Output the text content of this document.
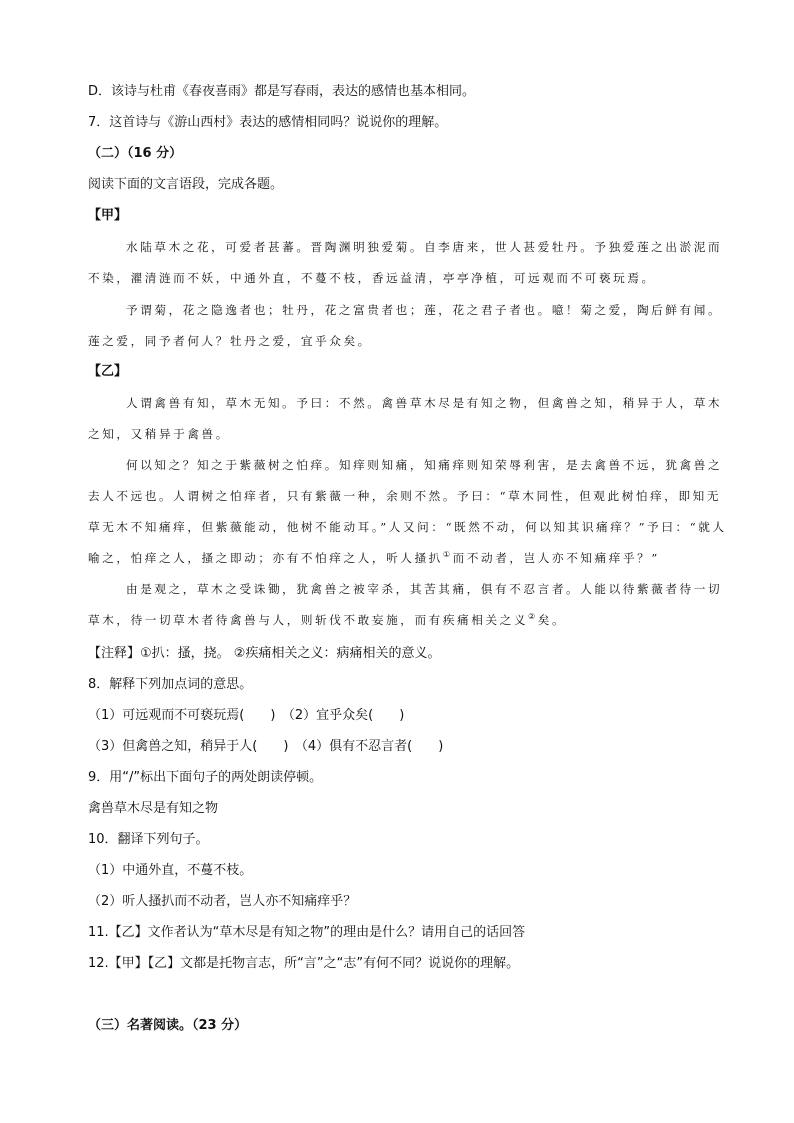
D．该诗与杜甫《春夜喜雨》都是写春雨，表达的感情也基本相同。
7．这首诗与《游山西村》表达的感情相同吗？说说你的理解。
（二）（16 分）
阅读下面的文言语段，完成各题。
【甲】
水陆草木之花，可爱者甚蕃。晋陶渊明独爱菊。自李唐来，世人甚爱牡丹。予独爱莲之出淤泥而
不染，濯清涟而不妖，中通外直，不蔓不枝，香远益清，亭亭净植，可远观而不可亵玩焉。
予谓菊，花之隐逸者也；牡丹，花之富贵者也；莲，花之君子者也。噫！菊之爱，陶后鲜有闻。
莲之爱，同予者何人？牡丹之爱，宜乎众矣。
【乙】
人谓禽兽有知，草木无知。予曰：不然。禽兽草木尽是有知之物，但禽兽之知，稍异于人，草木
之知，又稍异于禽兽。
何以知之？知之于紫薇树之怕痒。知痒则知痛，知痛痒则知荣辱利害，是去禽兽不远，犹禽兽之
去人不远也。人谓树之怕痒者，只有紫薇一种，余则不然。予曰：“草木同性，但观此树怕痒，即知无
草无木不知痛痒，但紫薇能动，他树不能动耳。”人又问：“既然不动，何以知其识痛痒？”予曰：“就人
喻之，怕痒之人，搔之即动；亦有不怕痒之人，听人搔扒①而不动者，岂人亦不知痛痒乎？”
由是观之，草木之受诛锄，犹禽兽之被宰杀，其苦其痛，俱有不忍言者。人能以待紫薇者待一切
草木，待一切草木者待禽兽与人，则斩伐不敢妄施，而有疾痛相关之义②矣。
【注释】①扒：搔，挠。 ②疾痛相关之义：病痛相关的意义。
8．解释下列加点词的意思。
（1）可远观而不可亵玩焉(　　)　（2）宜乎众矣(　　)
（3）但禽兽之知，稍异于人(　　)　（4）俱有不忍言者(　　)
9．用“/”标出下面句子的两处朗读停顿。
禽兽草木尽是有知之物
10．翻译下列句子。
（1）中通外直，不蔓不枝。
（2）听人搔扒而不动者，岂人亦不知痛痒乎？
11.【乙】文作者认为“草木尽是有知之物”的理由是什么？请用自己的话回答
12.【甲】【乙】文都是托物言志，所“言”之“志”有何不同？说说你的理解。
（三）名著阅读。（23 分）
